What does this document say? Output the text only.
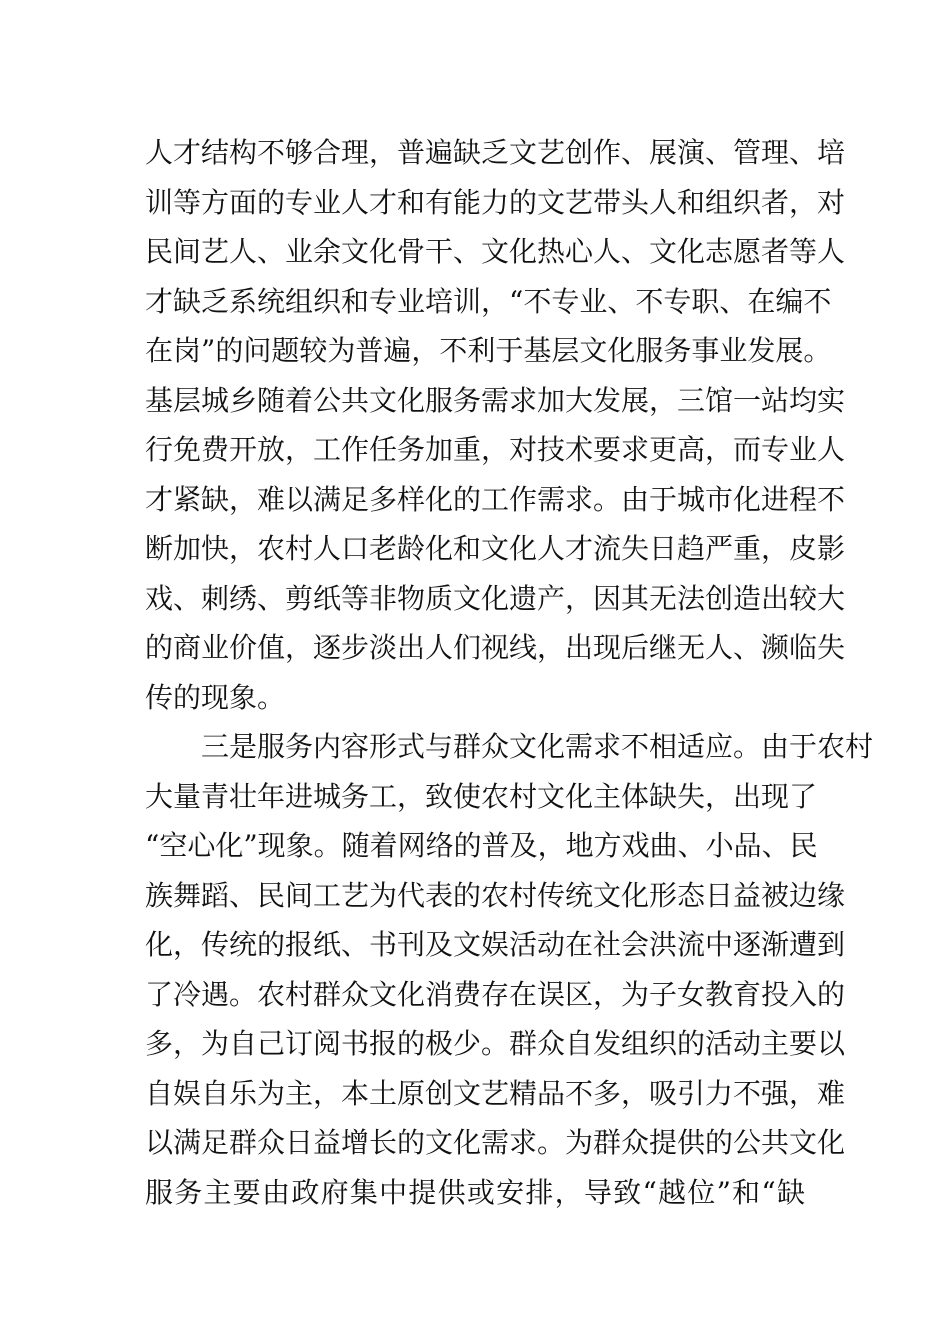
人才结构不够合理，普遍缺乏文艺创作、展演、管理、培
训等方面的专业人才和有能力的文艺带头人和组织者，对
民间艺人、业余文化骨干、文化热心人、文化志愿者等人
才缺乏系统组织和专业培训，“不专业、不专职、在编不
在岗”的问题较为普遍，不利于基层文化服务事业发展。
基层城乡随着公共文化服务需求加大发展，三馆一站均实
行免费开放，工作任务加重，对技术要求更高，而专业人
才紧缺，难以满足多样化的工作需求。由于城市化进程不
断加快，农村人口老龄化和文化人才流失日趋严重，皮影
戏、刺绣、剪纸等非物质文化遗产，因其无法创造出较大
的商业价值，逐步淡出人们视线，出现后继无人、濒临失
传的现象。
三是服务内容形式与群众文化需求不相适应。由于农村
大量青壮年进城务工，致使农村文化主体缺失，出现了
“空心化”现象。随着网络的普及，地方戏曲、小品、民
族舞蹈、民间工艺为代表的农村传统文化形态日益被边缘
化，传统的报纸、书刊及文娱活动在社会洪流中逐渐遭到
了冷遇。农村群众文化消费存在误区，为子女教育投入的
多，为自己订阅书报的极少。群众自发组织的活动主要以
自娱自乐为主，本土原创文艺精品不多，吸引力不强，难
以满足群众日益增长的文化需求。为群众提供的公共文化
服务主要由政府集中提供或安排，导致“越位”和“缺
